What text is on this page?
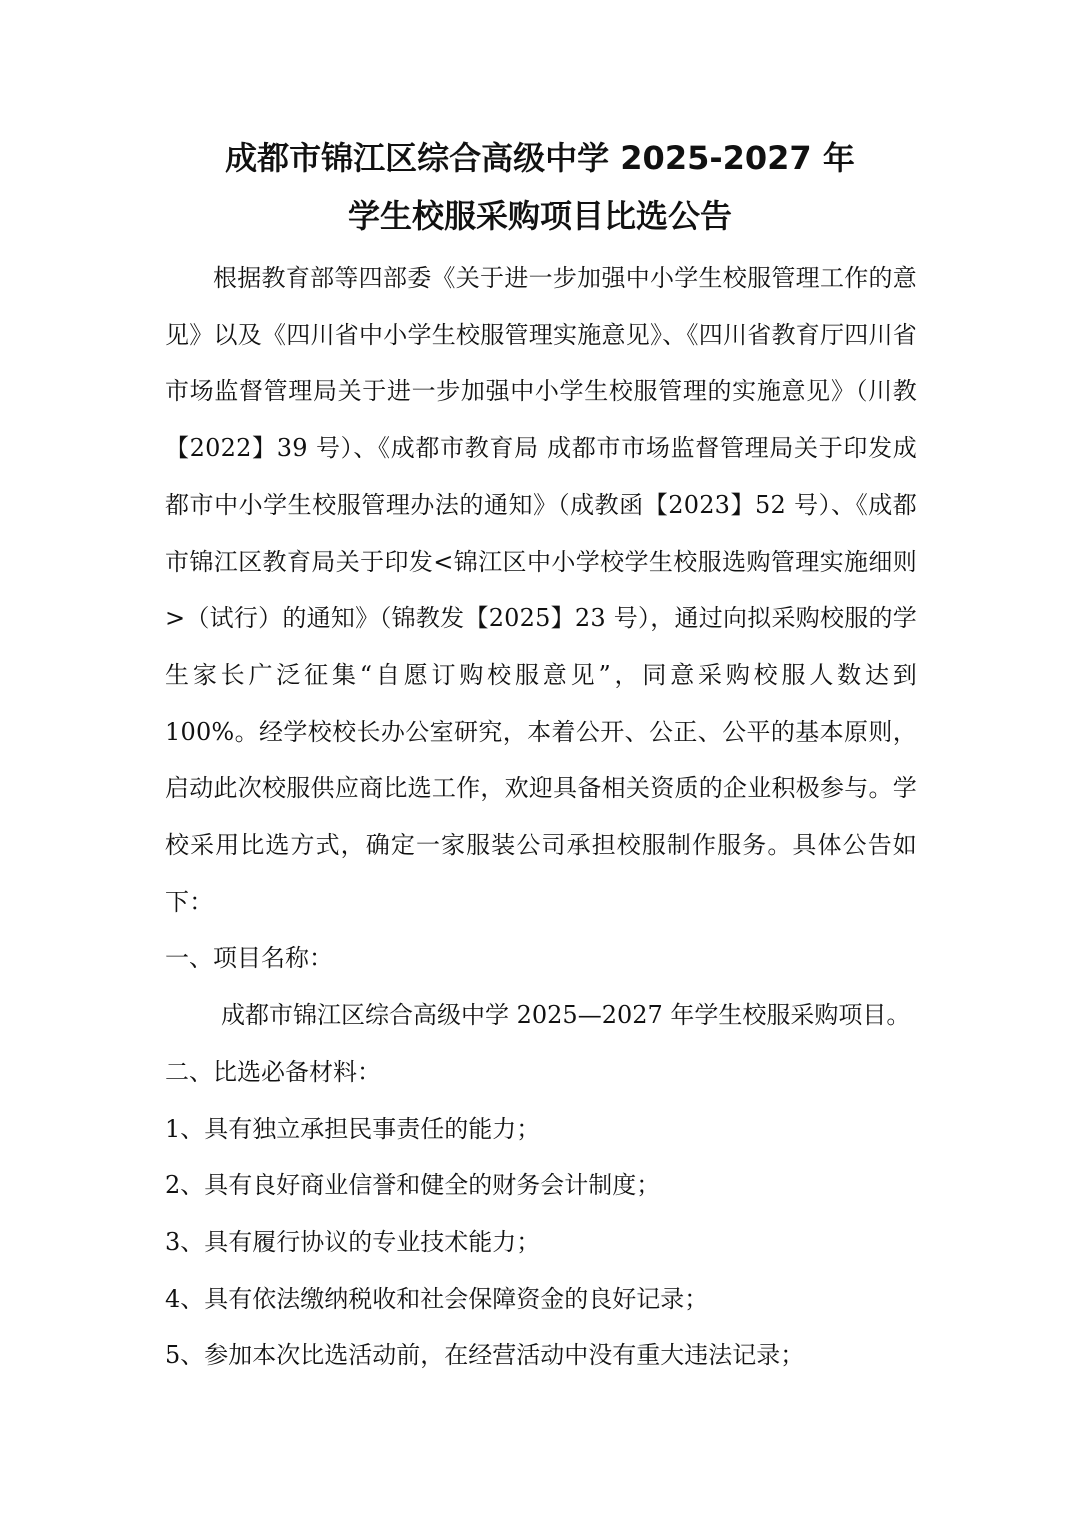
成都市锦江区综合高级中学 2025-2027 年
学生校服采购项目比选公告

根据教育部等四部委《关于进一步加强中小学生校服管理工作的意见》以及《四川省中小学生校服管理实施意见》、《四川省教育厅四川省市场监督管理局关于进一步加强中小学生校服管理的实施意见》（川教【2022】39 号）、《成都市教育局 成都市市场监督管理局关于印发成都市中小学生校服管理办法的通知》（成教函【2023】52 号）、《成都市锦江区教育局关于印发<锦江区中小学校学生校服选购管理实施细则>（试行）的通知》（锦教发【2025】23 号），通过向拟采购校服的学生家长广泛征集“自愿订购校服意见”，同意采购校服人数达到 100%。经学校校长办公室研究，本着公开、公正、公平的基本原则，启动此次校服供应商比选工作，欢迎具备相关资质的企业积极参与。学校采用比选方式，确定一家服装公司承担校服制作服务。具体公告如下：

一、项目名称：

成都市锦江区综合高级中学 2025—2027 年学生校服采购项目。

二、比选必备材料：

1、具有独立承担民事责任的能力；

2、具有良好商业信誉和健全的财务会计制度；

3、具有履行协议的专业技术能力；

4、具有依法缴纳税收和社会保障资金的良好记录；

5、参加本次比选活动前，在经营活动中没有重大违法记录；
